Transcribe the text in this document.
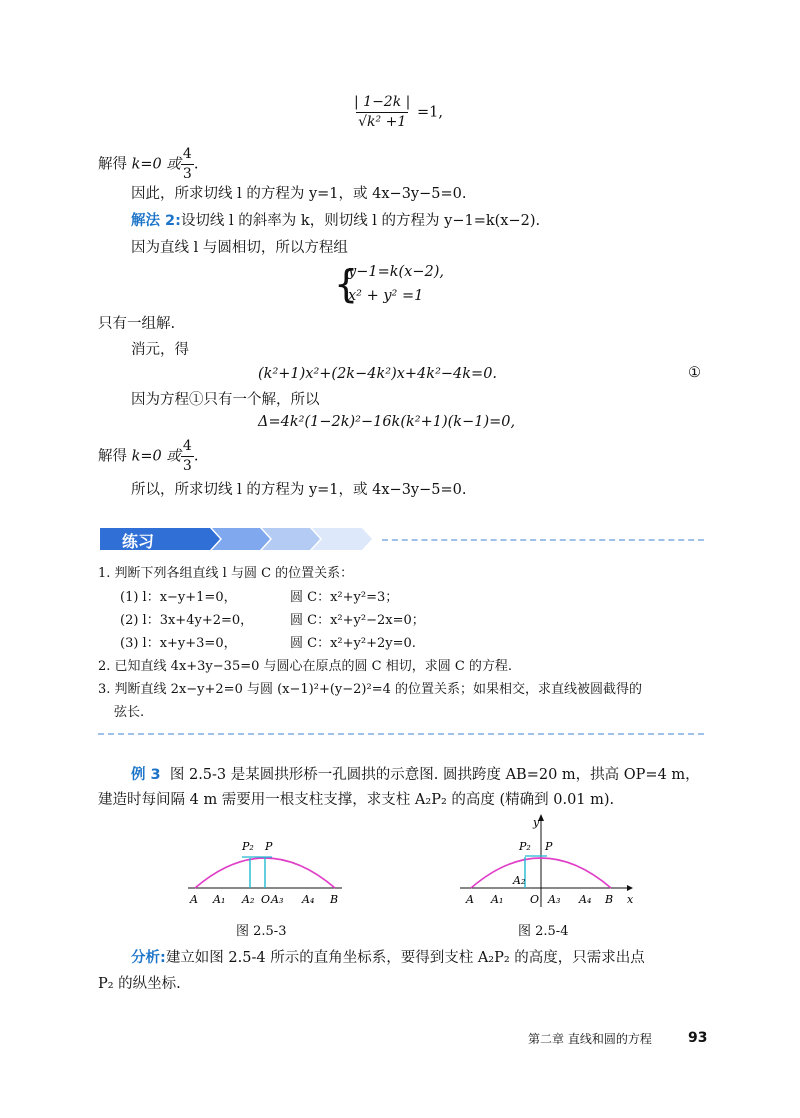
$\frac{| 1-2k |}{\text{√k² +1}} =1$,
解得 k=0 或 $\frac{4}{3}$ .
因此，所求切线 l 的方程为 y=1，或 4x−3y−5=0.
解法 2:设切线 l 的斜率为 k，则切线 l 的方程为 y−1=k(x−2).
因为直线 l 与圆相切，所以方程组
{
y−1=k(x−2),
x² + y² =1
只有一组解.
消元，得
(k²+1)x²+(2k−4k²)x+4k²−4k=0.	①
因为方程①只有一个解，所以
Δ=4k²(1−2k)²−16k(k²+1)(k−1)=0,
解得 k=0 或 $\frac{4}{3}$ .
所以，所求切线 l 的方程为 y=1，或 4x−3y−5=0.
练习
1. 判断下列各组直线 l 与圆 C 的位置关系：
(1) l：x−y+1=0，	圆 C：x²+y²=3；
(2) l：3x+4y+2=0，	圆 C：x²+y²−2x=0；
(3) l：x+y+3=0，	圆 C：x²+y²+2y=0.
2. 已知直线 4x+3y−35=0 与圆心在原点的圆 C 相切，求圆 C 的方程.
3. 判断直线 2x−y+2=0 与圆 (x−1)²+(y−2)²=4 的位置关系；如果相交，求直线被圆截得的
弦长.
例 3 图 2.5-3 是某圆拱形桥一孔圆拱的示意图. 圆拱跨度 AB=20 m，拱高 OP=4 m，
建造时每间隔 4 m 需要用一根支柱支撑，求支柱 A₂P₂ 的高度 (精确到 0.01 m).
A A₁ A₂ O A₃ A₄ B
P₂ P
图 2.5-3
y
A A₁ O A₃ A₄ B x
P₂ P
A₂
图 2.5-4
分析:建立如图 2.5-4 所示的直角坐标系，要得到支柱 A₂P₂ 的高度，只需求出点
P₂ 的纵坐标.
第二章 直线和圆的方程	93
